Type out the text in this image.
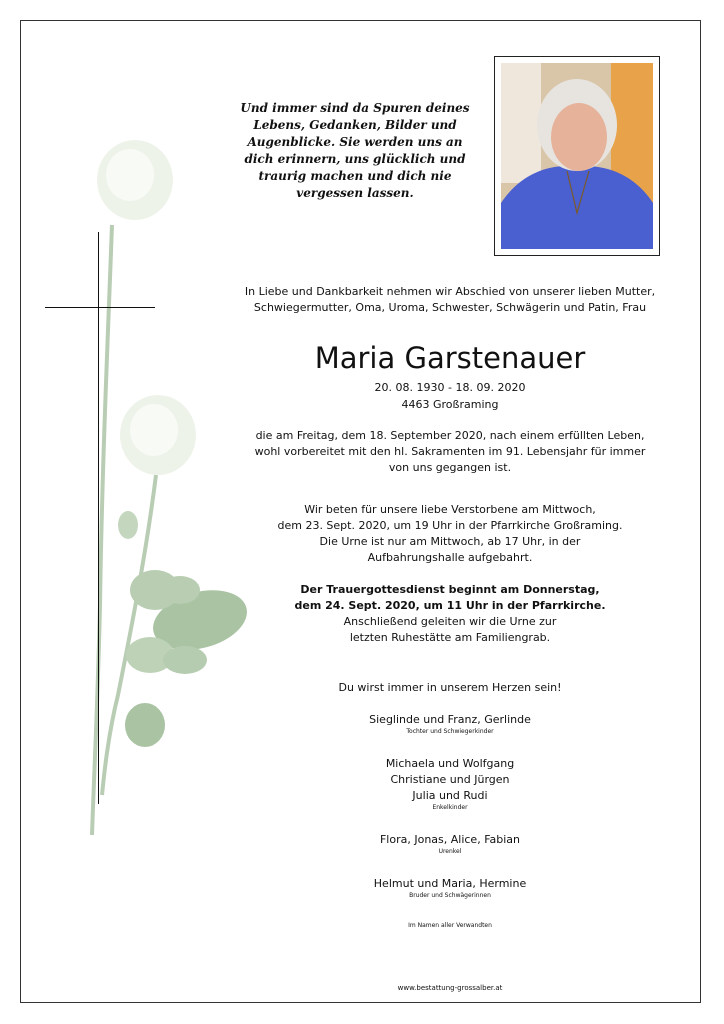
Und immer sind da Spuren deines
Lebens, Gedanken, Bilder und
Augenblicke. Sie werden uns an
dich erinnern, uns glücklich und
traurig machen und dich nie
vergessen lassen.
In Liebe und Dankbarkeit nehmen wir Abschied von unserer lieben Mutter,
Schwiegermutter, Oma, Uroma, Schwester, Schwägerin und Patin, Frau
Maria Garstenauer
20. 08. 1930 - 18. 09. 2020
4463 Großraming
die am Freitag, dem 18. September 2020, nach einem erfüllten Leben,
wohl vorbereitet mit den hl. Sakramenten im 91. Lebensjahr für immer
von uns gegangen ist.
Wir beten für unsere liebe Verstorbene am Mittwoch,
dem 23. Sept. 2020, um 19 Uhr in der Pfarrkirche Großraming.
Die Urne ist nur am Mittwoch, ab 17 Uhr, in der
Aufbahrungshalle aufgebahrt.
Der Trauergottesdienst beginnt am Donnerstag,
dem 24. Sept. 2020, um 11 Uhr in der Pfarrkirche.
Anschließend geleiten wir die Urne zur
letzten Ruhestätte am Familiengrab.
Du wirst immer in unserem Herzen sein!
Sieglinde und Franz, Gerlinde
Tochter und Schwiegerkinder
Michaela und Wolfgang
Christiane und Jürgen
Julia und Rudi
Enkelkinder
Flora, Jonas, Alice, Fabian
Urenkel
Helmut und Maria, Hermine
Bruder und Schwägerinnen
Im Namen aller Verwandten
www.bestattung-grossalber.at
